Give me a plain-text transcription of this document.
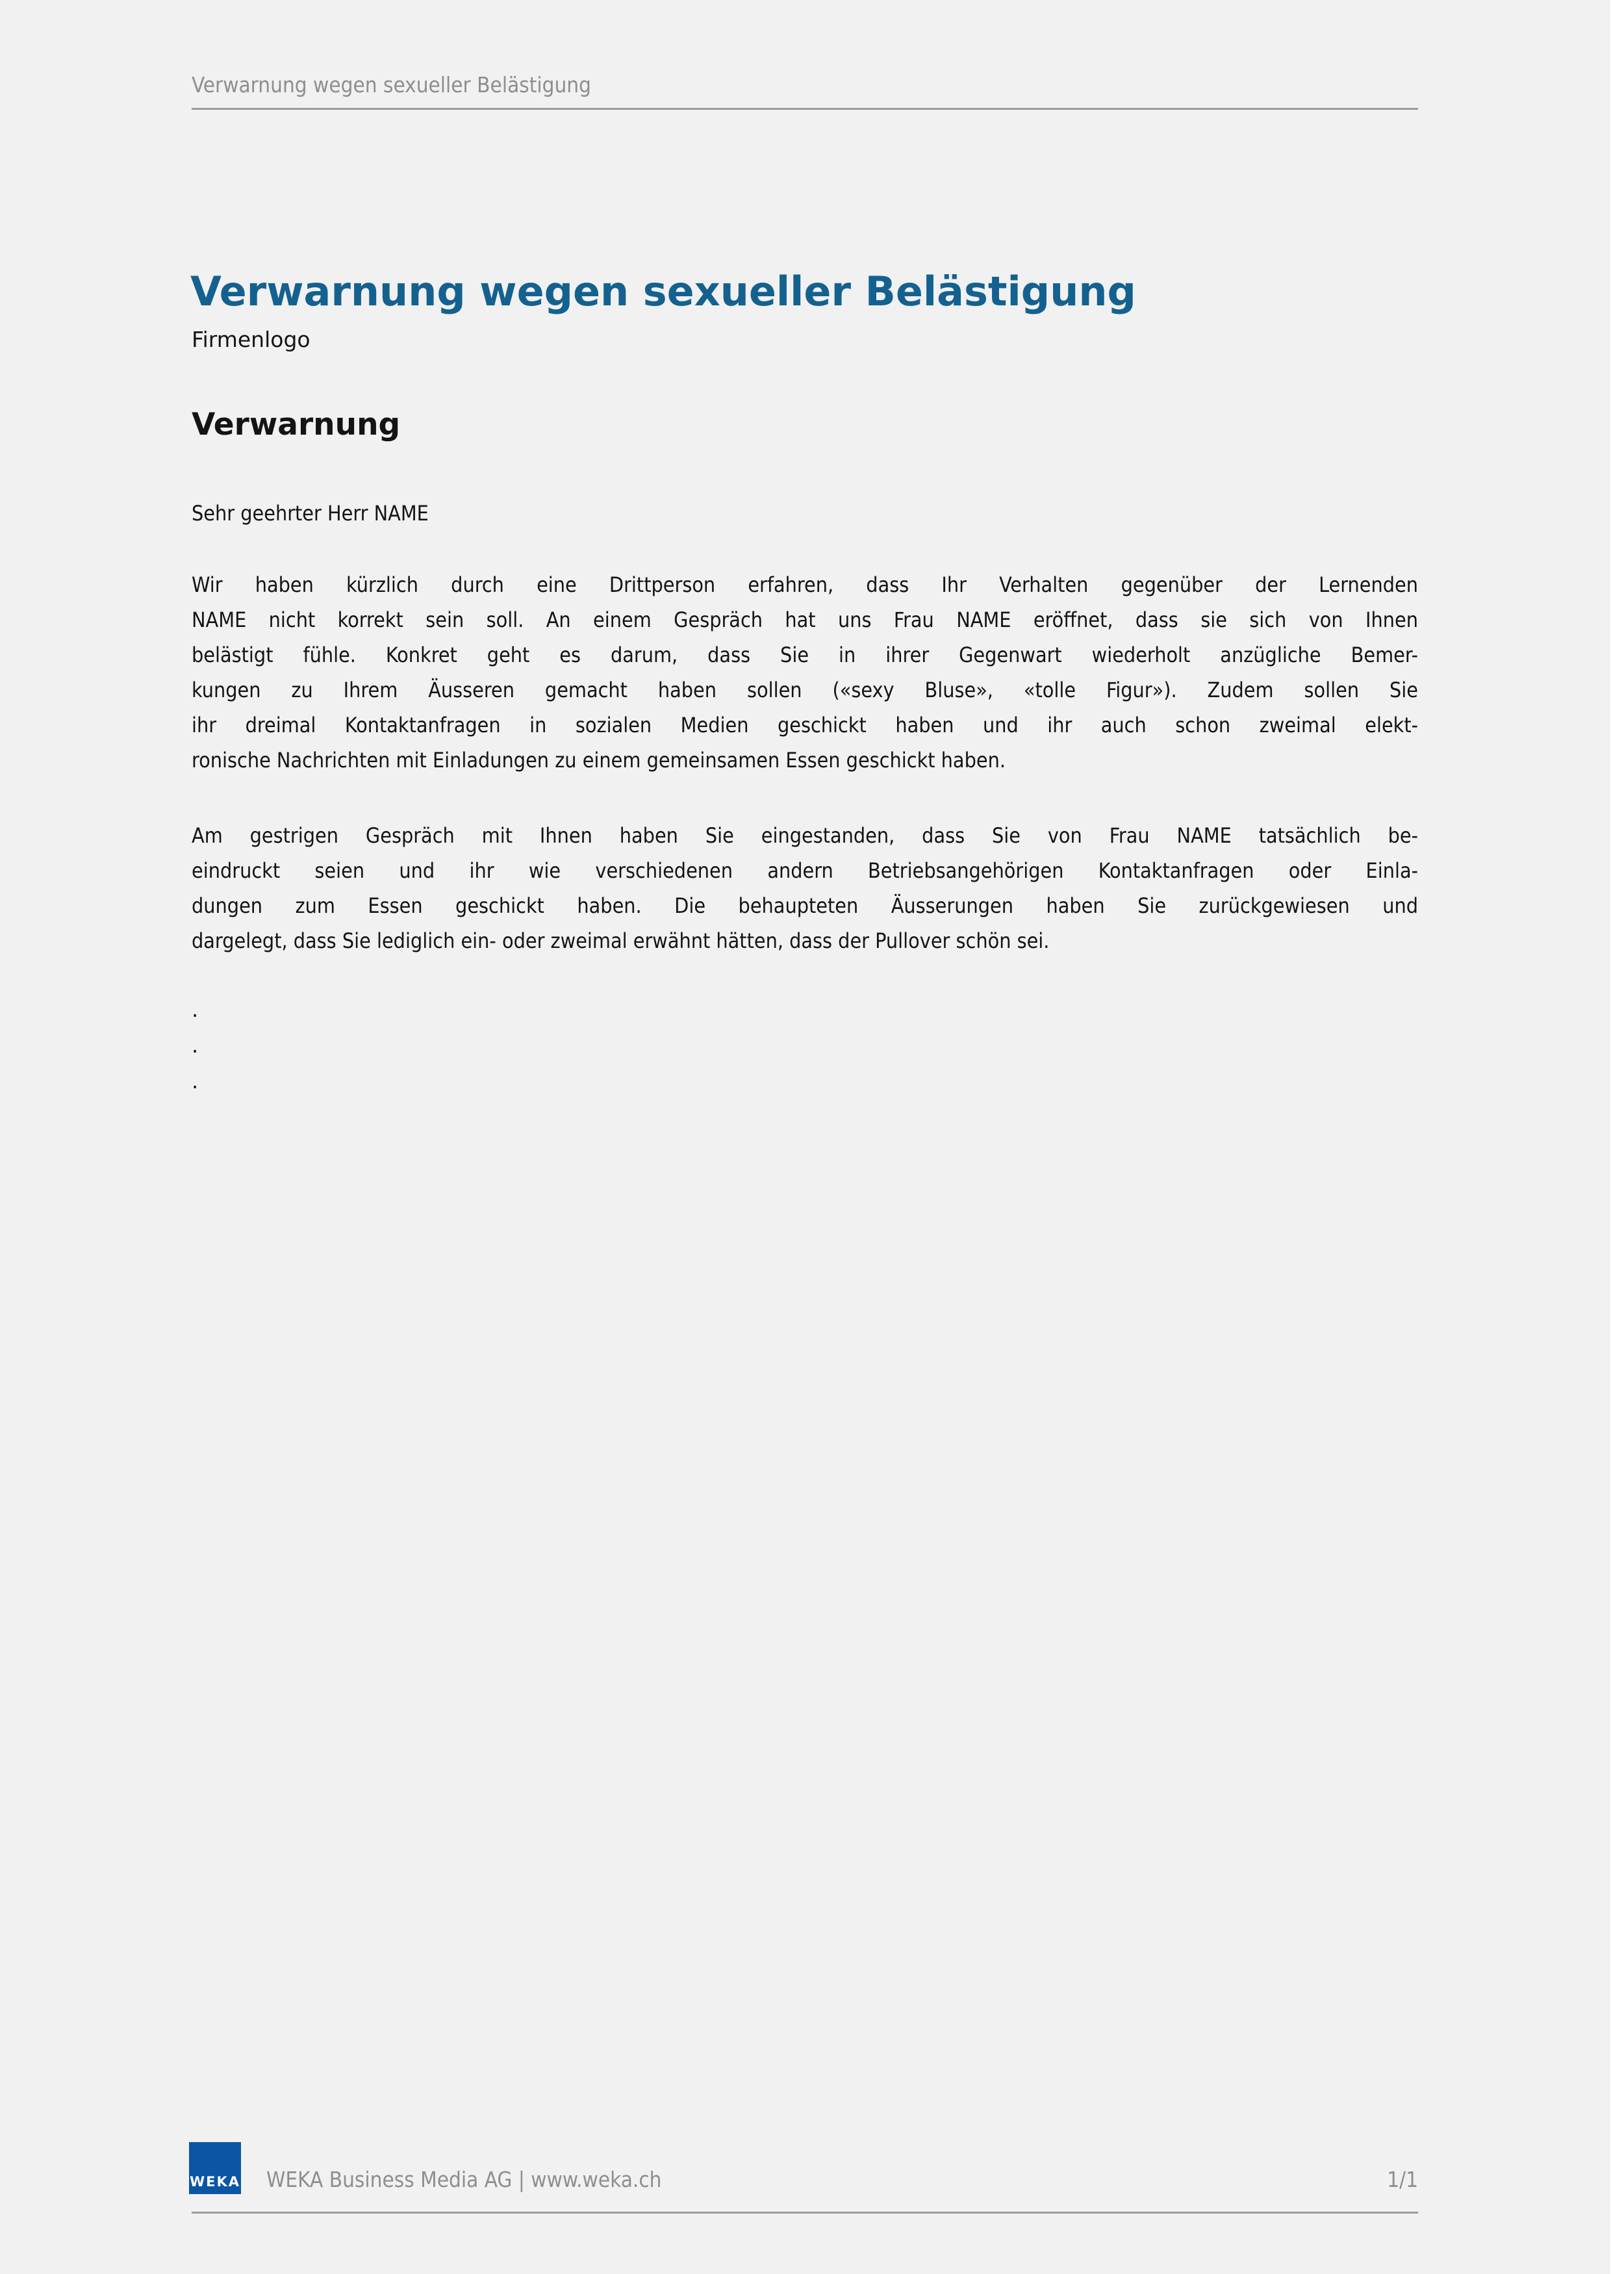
Verwarnung wegen sexueller Belästigung
Verwarnung wegen sexueller Belästigung
Firmenlogo
Verwarnung
Sehr geehrter Herr NAME
Wir haben kürzlich durch eine Drittperson erfahren, dass Ihr Verhalten gegenüber der Lernenden
NAME nicht korrekt sein soll. An einem Gespräch hat uns Frau NAME eröffnet, dass sie sich von Ihnen
belästigt fühle. Konkret geht es darum, dass Sie in ihrer Gegenwart wiederholt anzügliche Bemer-
kungen zu Ihrem Äusseren gemacht haben sollen («sexy Bluse», «tolle Figur»). Zudem sollen Sie
ihr dreimal Kontaktanfragen in sozialen Medien geschickt haben und ihr auch schon zweimal elekt-
ronische Nachrichten mit Einladungen zu einem gemeinsamen Essen geschickt haben.
Am gestrigen Gespräch mit Ihnen haben Sie eingestanden, dass Sie von Frau NAME tatsächlich be-
eindruckt seien und ihr wie verschiedenen andern Betriebsangehörigen Kontaktanfragen oder Einla-
dungen zum Essen geschickt haben. Die behaupteten Äusserungen haben Sie zurückgewiesen und
dargelegt, dass Sie lediglich ein- oder zweimal erwähnt hätten, dass der Pullover schön sei.
.
.
.
WEKA WEKA Business Media AG | www.weka.ch	1/1
